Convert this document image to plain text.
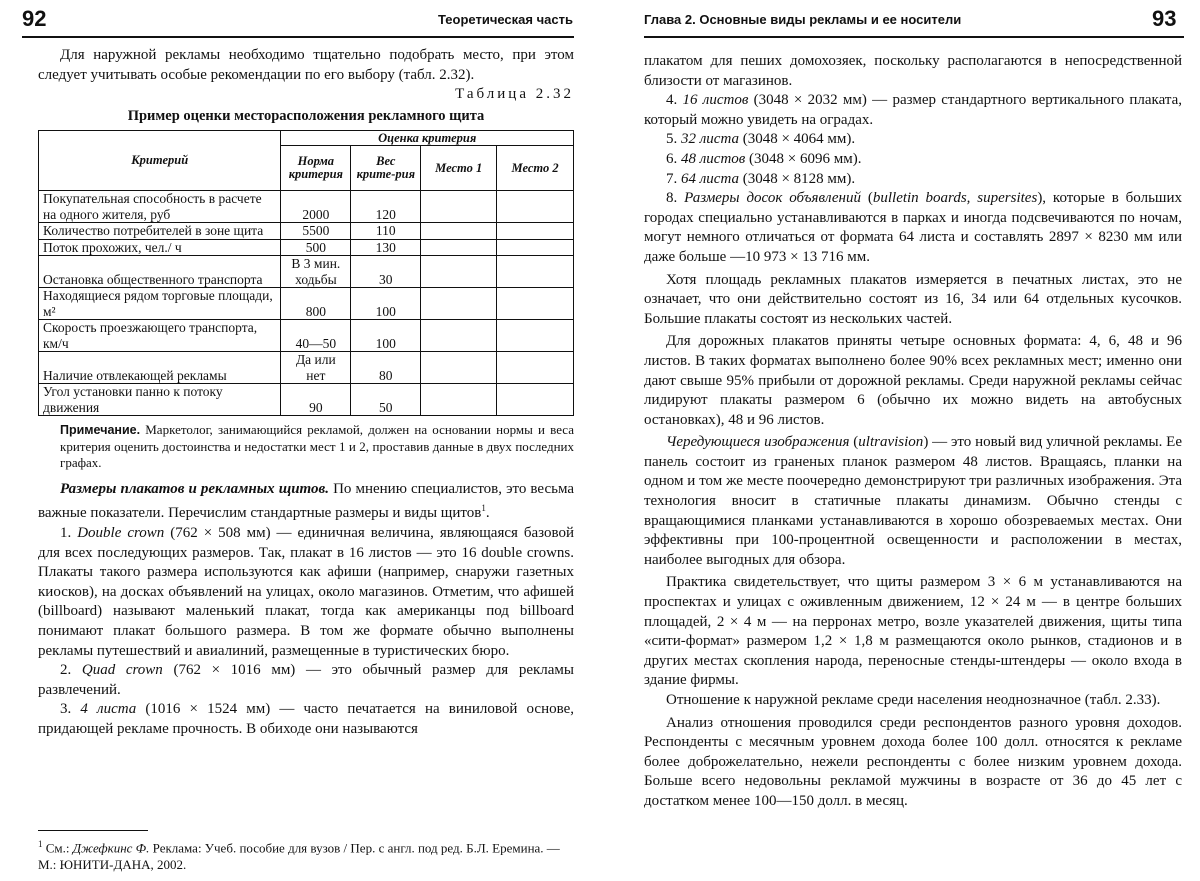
92	Теоретическая часть

Для наружной рекламы необходимо тщательно подобрать место, при этом следует учитывать особые рекомендации по его выбору (табл. 2.32).

Таблица 2.32
Пример оценки месторасположения рекламного щита
Критерий	Оценка критерия			
	Норма критерия	Вес крите-рия	Место 1	Место 2
Покупательная способность в расчете на одного жителя, руб	2000	120		
Количество потребителей в зоне щита	5500	110		
Поток прохожих, чел./ ч	500	130		
Остановка общественного транспорта	В 3 мин. ходьбы	30		
Находящиеся рядом торговые площади, м²	800	100		
Скорость проезжающего транспорта, км/ч	40—50	100		
Наличие отвлекающей рекламы	Да или нет	80		
Угол установки панно к потоку движения	90	50		
Примечание. Маркетолог, занимающийся рекламой, должен на основании нормы и веса критерия оценить достоинства и недостатки мест 1 и 2, проставив данные в двух последних графах.

Размеры плакатов и рекламных щитов. По мнению специалистов, это весьма важные показатели. Перечислим стандартные размеры и виды щитов$^1$.

1. Double crown (762 × 508 мм) — единичная величина, являющаяся базовой для всех последующих размеров. Так, плакат в 16 листов — это 16 double crowns. Плакаты такого размера используются как афиши (например, снаружи газетных киосков), на досках объявлений на улицах, около магазинов. Отметим, что афишей (billboard) называют маленький плакат, тогда как американцы под billboard понимают плакат большого размера. В том же формате обычно выполнены рекламы путешествий и авиалиний, размещенные в туристических бюро.

2. Quad crown (762 × 1016 мм) — это обычный размер для рекламы развлечений.

3. 4 листа (1016 × 1524 мм) — часто печатается на виниловой основе, придающей рекламе прочность. В обиходе они называются

$^1$ См.: Джефкинс Ф. Реклама: Учеб. пособие для вузов / Пер. с англ. под ред. Б.Л. Еремина. — М.: ЮНИТИ-ДАНА, 2002.
Глава 2. Основные виды рекламы и ее носители	93

плакатом для пеших домохозяек, поскольку располагаются в непосредственной близости от магазинов.

4. 16 листов (3048 × 2032 мм) — размер стандартного вертикального плаката, который можно увидеть на оградах.

5. 32 листа (3048 × 4064 мм).

6. 48 листов (3048 × 6096 мм).

7. 64 листа (3048 × 8128 мм).

8. Размеры досок объявлений (bulletin boards, supersites), которые в больших городах специально устанавливаются в парках и иногда подсвечиваются по ночам, могут немного отличаться от формата 64 листа и составлять 2897 × 8230 мм или даже больше —10 973 × 13 716 мм.

Хотя площадь рекламных плакатов измеряется в печатных листах, это не означает, что они действительно состоят из 16, 34 или 64 отдельных кусочков. Большие плакаты состоят из нескольких частей.

Для дорожных плакатов приняты четыре основных формата: 4, 6, 48 и 96 листов. В таких форматах выполнено более 90% всех рекламных мест; именно они дают свыше 95% прибыли от дорожной рекламы. Среди наружной рекламы сейчас лидируют плакаты размером 6 (обычно их можно видеть на автобусных остановках), 48 и 96 листов.

Чередующиеся изображения (ultravision) — это новый вид уличной рекламы. Ее панель состоит из граненых планок размером 48 листов. Вращаясь, планки на одном и том же месте поочередно демонстрируют три различных изображения. Эта технология вносит в статичные плакаты динамизм. Обычно стенды с вращающимися планками устанавливаются в хорошо обозреваемых местах. Они эффективны при 100-процентной освещенности и расположении в местах, наиболее выгодных для обзора.

Практика свидетельствует, что щиты размером 3 × 6 м устанавливаются на проспектах и улицах с оживленным движением, 12 × 24 м — в центре больших площадей, 2 × 4 м — на перронах метро, возле указателей движения, щиты типа «сити-формат» размером 1,2 × 1,8 м размещаются около рынков, стадионов и в других местах скопления народа, переносные стенды-штендеры — около входа в здание фирмы.

Отношение к наружной рекламе среди населения неоднозначное (табл. 2.33).

Анализ отношения проводился среди респондентов разного уровня доходов. Респонденты с месячным уровнем дохода более 100 долл. относятся к рекламе более доброжелательно, нежели респонденты с более низким уровнем дохода. Больше всего недовольны рекламой мужчины в возрасте от 36 до 45 лет с достатком менее 100—150 долл. в месяц.
